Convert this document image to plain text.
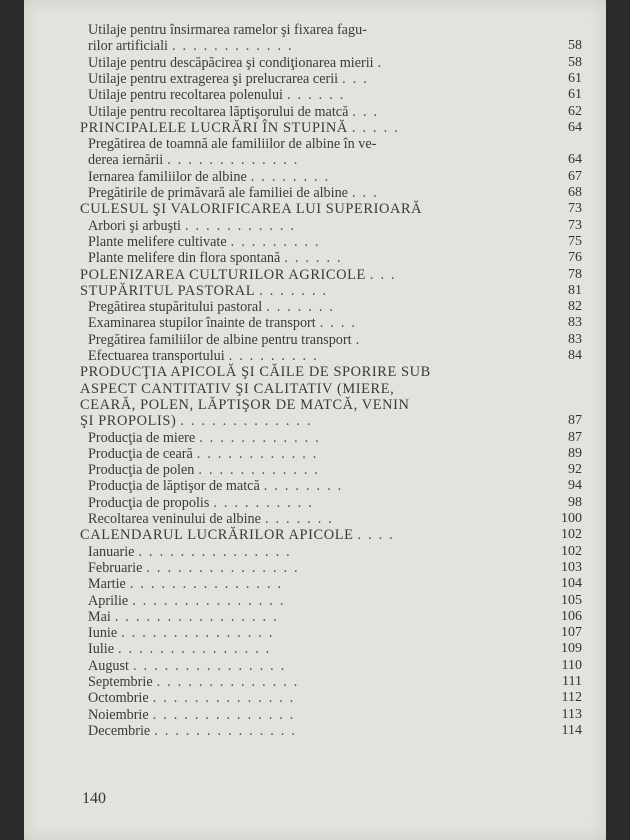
Utilaje pentru însirmarea ramelor şi fixarea fagu-
rilor artificiali ............	58
Utilaje pentru descăpăcirea şi condiţionarea mierii .	58
Utilaje pentru extragerea şi prelucrarea cerii ...	61
Utilaje pentru recoltarea polenului ......	61
Utilaje pentru recoltarea lăptişorului de matcă ...	62
PRINCIPALELE LUCRĂRI ÎN STUPINĂ .....	64
Pregătirea de toamnă ale familiilor de albine în ve-
derea iernării .............	64
Iernarea familiilor de albine ........	67
Pregătirile de primăvară ale familiei de albine ...	68
CULESUL ŞI VALORIFICAREA LUI SUPERIOARĂ	73
Arbori şi arbuşti ...........	73
Plante melifere cultivate .........	75
Plante melifere din flora spontană ......	76
POLENIZAREA CULTURILOR AGRICOLE ...	78
STUPĂRITUL PASTORAL .......	81
Pregătirea stupăritului pastoral .......	82
Examinarea stupilor înainte de transport ....	83
Pregătirea familiilor de albine pentru transport .	83
Efectuarea transportului .........	84
PRODUCŢIA APICOLĂ ŞI CĂILE DE SPORIRE SUB
ASPECT CANTITATIV ŞI CALITATIV (MIERE,
CEARĂ, POLEN, LĂPTIŞOR DE MATCĂ, VENIN
ŞI PROPOLIS) .............	87
Producţia de miere ............	87
Producţia de ceară ............	89
Producţia de polen ............	92
Producţia de lăptişor de matcă ........	94
Producţia de propolis ..........	98
Recoltarea veninului de albine .......	100
CALENDARUL LUCRĂRILOR APICOLE ....	102
Ianuarie ...............	102
Februarie ...............	103
Martie ...............	104
Aprilie ...............	105
Mai ................	106
Iunie ...............	107
Iulie ...............	109
August ...............	110
Septembrie ..............	111
Octombrie ..............	112
Noiembrie ..............	113
Decembrie ..............	114
140
